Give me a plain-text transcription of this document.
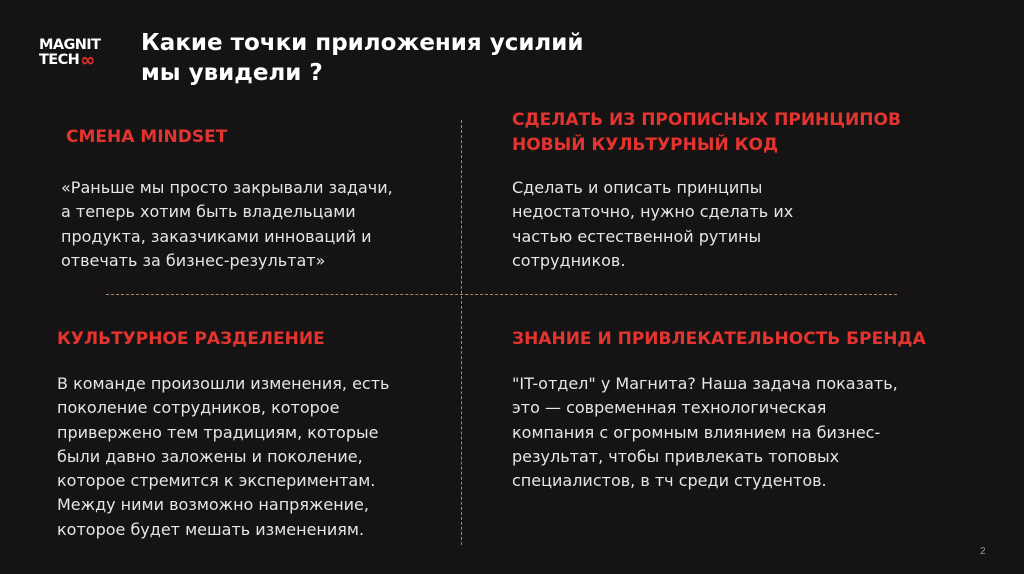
MAGNIT
TECH ∞
Какие точки приложения усилий
мы увидели ?
СМЕНА MINDSET
«Раньше мы просто закрывали задачи,
а теперь хотим быть владельцами
продукта, заказчиками инноваций и
отвечать за бизнес-результат»
СДЕЛАТЬ ИЗ ПРОПИСНЫХ ПРИНЦИПОВ
НОВЫЙ КУЛЬТУРНЫЙ КОД
Сделать и описать принципы
недостаточно, нужно сделать их
частью естественной рутины
сотрудников.
КУЛЬТУРНОЕ РАЗДЕЛЕНИЕ
В команде произошли изменения, есть
поколение сотрудников, которое
привержено тем традициям, которые
были давно заложены и поколение,
которое стремится к экспериментам.
Между ними возможно напряжение,
которое будет мешать изменениям.
ЗНАНИЕ И ПРИВЛЕКАТЕЛЬНОСТЬ БРЕНДА
"IT-отдел" у Магнита? Наша задача показать,
это — современная технологическая
компания с огромным влиянием на бизнес-
результат, чтобы привлекать топовых
специалистов, в тч среди студентов.
2
